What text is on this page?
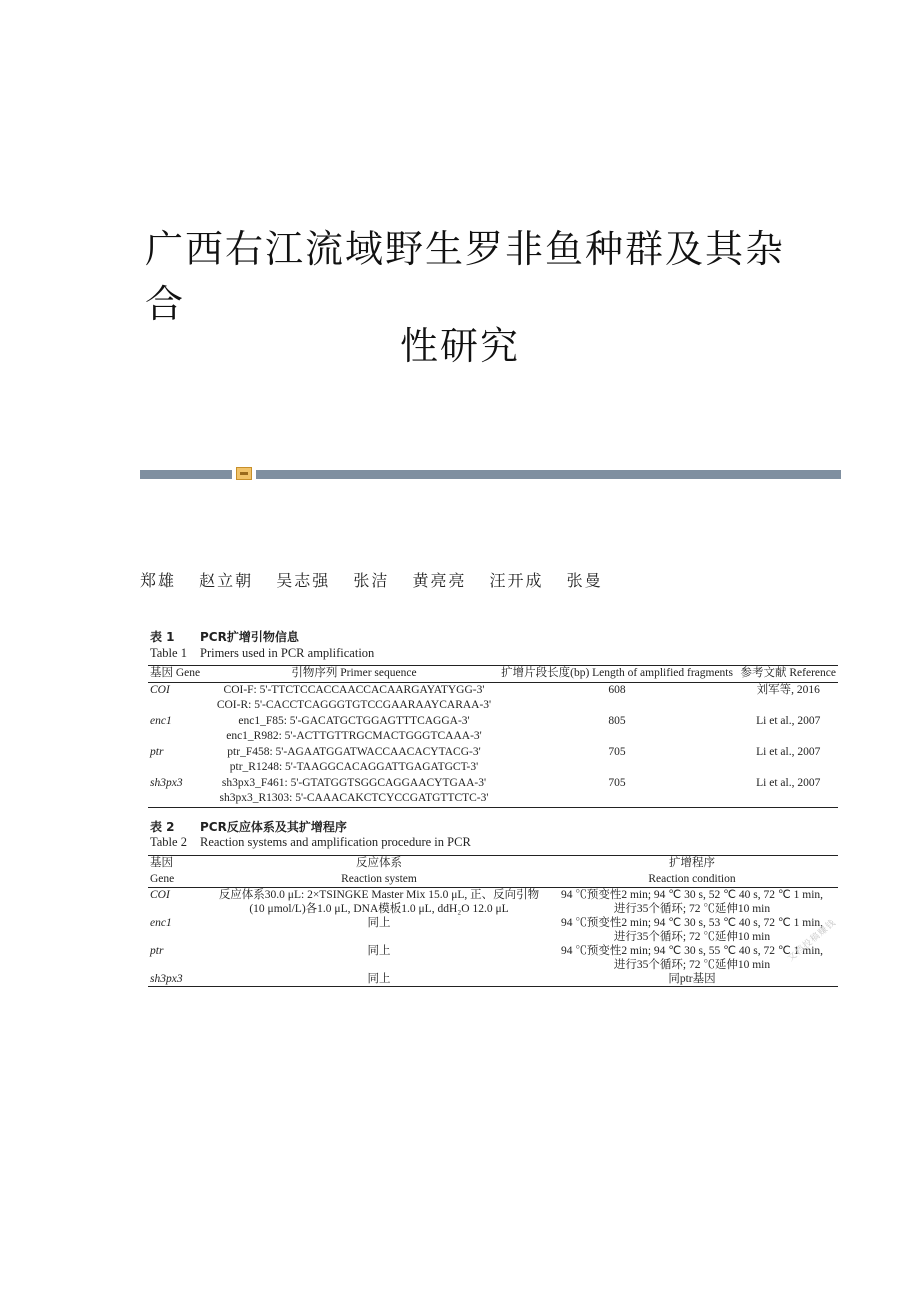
广西右江流域野生罗非鱼种群及其杂合
性研究
郑雄 赵立朝 吴志强 张洁 黄亮亮 汪开成 张曼
表 1 PCR扩增引物信息
Table 1 Primers used in PCR amplification
基因 Gene	引物序列 Primer sequence	扩增片段长度(bp) Length of amplified fragments	参考文献 Reference
COI	COI-F: 5'-TTCTCCACCAACCACAARGAYATYGG-3'	608	刘军等, 2016
	COI-R: 5'-CACCTCAGGGTGTCCGAARAAYCARAA-3'		
enc1	enc1_F85: 5'-GACATGCTGGAGTTTCAGGA-3'	805	Li et al., 2007
	enc1_R982: 5'-ACTTGTTRGCMACTGGGTCAAA-3'		
ptr	ptr_F458: 5'-AGAATGGATWACCAACACYTACG-3'	705	Li et al., 2007
	ptr_R1248: 5'-TAAGGCACAGGATTGAGATGCT-3'		
sh3px3	sh3px3_F461: 5'-GTATGGTSGGCAGGAACYTGAA-3'	705	Li et al., 2007
	sh3px3_R1303: 5'-CAAACAKCTCYCCGATGTTCTC-3'		
表 2 PCR反应体系及其扩增程序
Table 2 Reaction systems and amplification procedure in PCR
基因	反应体系	扩增程序
Gene	Reaction system	Reaction condition
COI	反应体系30.0 μL: 2×TSINGKE Master Mix 15.0 μL, 正、反向引物	94 ℃预变性2 min; 94 ℃ 30 s, 52 ℃ 40 s, 72 ℃ 1 min,
	(10 μmol/L)各1.0 μL, DNA模板1.0 μL, ddH₂O 12.0 μL	进行35个循环; 72 ℃延伸10 min
enc1	同上	94 ℃预变性2 min; 94 ℃ 30 s, 53 ℃ 40 s, 72 ℃ 1 min,
		进行35个循环; 72 ℃延伸10 min
ptr	同上	94 ℃预变性2 min; 94 ℃ 30 s, 55 ℃ 40 s, 72 ℃ 1 min,
		进行35个循环; 72 ℃延伸10 min
sh3px3	同上	同ptr基因
文档投稿赚钱
